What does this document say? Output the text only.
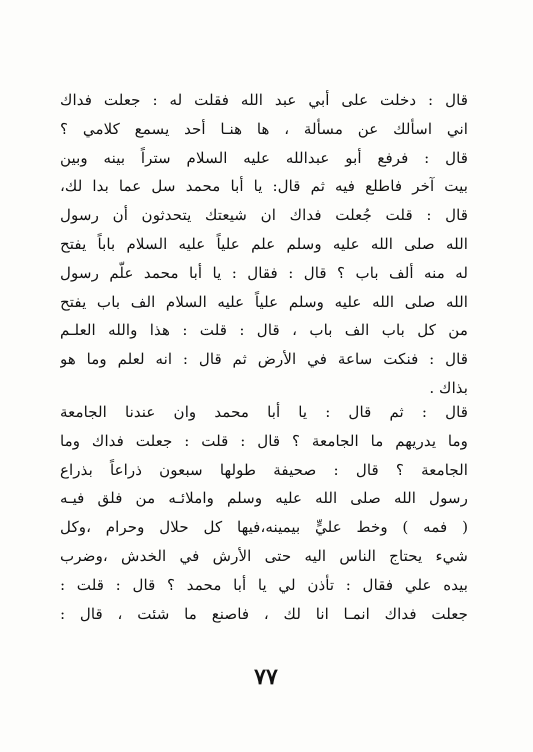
قال : دخلت على أبي عبد الله فقلت له : جعلت فداك
اني اسألك عن مسألة ، ها هنـا أحد يسمع كلامي ؟
قال : فرفع أبو عبدالله عليه السلام ستراً بينه وبين
بيت آخر فاطلع فيه ثم قال: يا أبا محمد سل عما بدا لك،
قال : قلت جُعلت فداك ان شيعتك يتحدثون أن رسول
الله صلى الله عليه وسلم علم علياً عليه السلام باباً يفتح
له منه ألف باب ؟ قال : فقال : يا أبا محمد علّم رسول
الله صلى الله عليه وسلم علياً عليه السلام الف باب يفتح
من كل باب الف باب ، قال : قلت : هذا والله العلـم
قال : فنكت ساعة في الأرض ثم قال : انه لعلم وما هو
بذاك .
قال : ثم قال : يا أبا محمد وان عندنا الجامعة
وما يدريهم ما الجامعة ؟ قال : قلت : جعلت فداك وما
الجامعة ؟ قال : صحيفة طولها سبعون ذراعاً بذراع
رسول الله صلى الله عليه وسلم واملائـه من فلق فيـه
( فمه ) وخط عليٍّ بيمينه،فيها كل حلال وحرام ،وكل
شيء يحتاج الناس اليه حتى الأرش في الخدش ،وضرب
بيده علي فقال : تأذن لي يا أبا محمد ؟ قال : قلت :
جعلت فداك انمـا انا لك ، فاصنع ما شئت ، قال :
٧٧
